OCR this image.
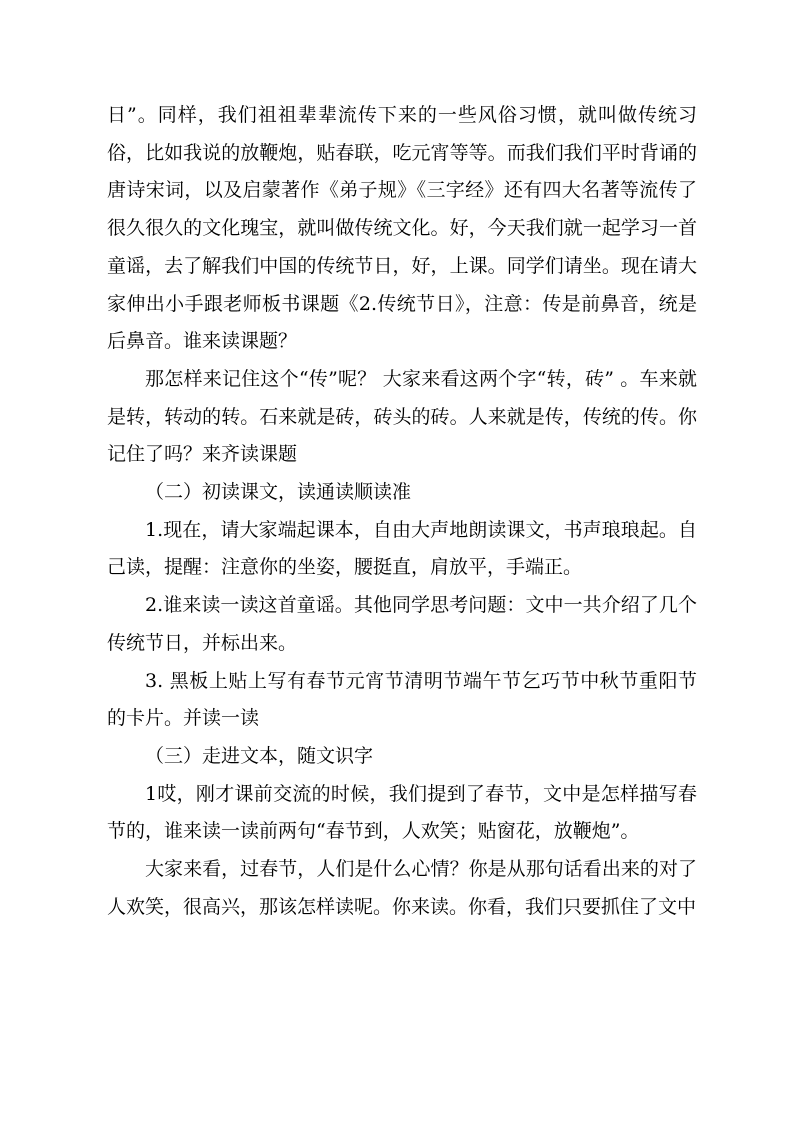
日”。同样，我们祖祖辈辈流传下来的一些风俗习惯，就叫做传统习俗，比如我说的放鞭炮，贴春联，吃元宵等等。而我们我们平时背诵的唐诗宋词，以及启蒙著作《弟子规》《三字经》还有四大名著等流传了很久很久的文化瑰宝，就叫做传统文化。好，今天我们就一起学习一首童谣，去了解我们中国的传统节日，好，上课。同学们请坐。现在请大家伸出小手跟老师板书课题《2.传统节日》，注意：传是前鼻音，统是后鼻音。谁来读课题？

那怎样来记住这个“传”呢？ 大家来看这两个字“转，砖” 。车来就是转，转动的转。石来就是砖，砖头的砖。人来就是传，传统的传。你记住了吗？来齐读课题

（二）初读课文，读通读顺读准

1.现在，请大家端起课本，自由大声地朗读课文，书声琅琅起。自己读，提醒：注意你的坐姿，腰挺直，肩放平，手端正。

2.谁来读一读这首童谣。其他同学思考问题：文中一共介绍了几个传统节日，并标出来。

3. 黑板上贴上写有春节元宵节清明节端午节乞巧节中秋节重阳节的卡片。并读一读

（三）走进文本，随文识字

1哎，刚才课前交流的时候，我们提到了春节，文中是怎样描写春节的，谁来读一读前两句“春节到，人欢笑；贴窗花，放鞭炮”。

大家来看，过春节，人们是什么心情？你是从那句话看出来的对了人欢笑，很高兴，那该怎样读呢。你来读。你看，我们只要抓住了文中
